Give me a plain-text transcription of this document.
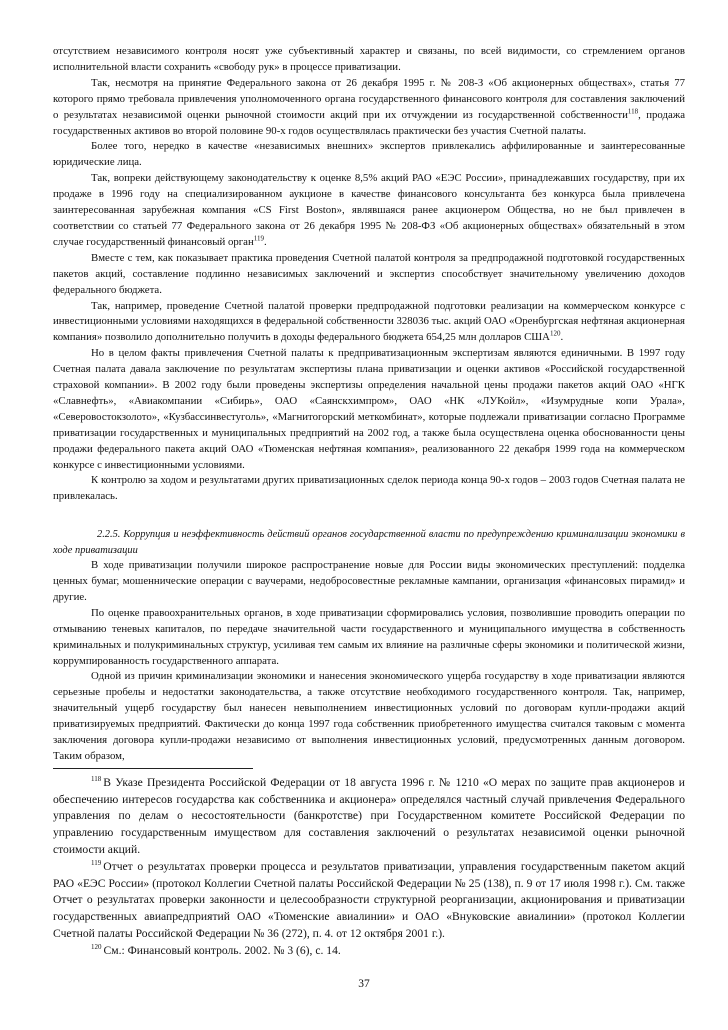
отсутствием независимого контроля носят уже субъективный характер и связаны, по всей видимости, со стремлением органов исполнительной власти сохранить «свободу рук» в процессе приватизации.

Так, несмотря на принятие Федерального закона от 26 декабря 1995 г. № 208-З «Об акционерных обществах», статья 77 которого прямо требовала привлечения уполномоченного органа государственного финансового контроля для составления заключений о результатах независимой оценки рыночной стоимости акций при их отчуждении из государственной собственности$^{118}$, продажа государственных активов во второй половине 90-х годов осуществлялась практически без участия Счетной палаты.

Более того, нередко в качестве «независимых внешних» экспертов привлекались аффилированные и заинтересованные юридические лица.

Так, вопреки действующему законодательству к оценке 8,5% акций РАО «ЕЭС России», принадлежавших государству, при их продаже в 1996 году на специализированном аукционе в качестве финансового консультанта без конкурса была привлечена заинтересованная зарубежная компания «CS First Boston», являвшаяся ранее акционером Общества, но не был привлечен в соответствии со статьей 77 Федерального закона от 26 декабря 1995 № 208-ФЗ «Об акционерных обществах» обязательный в этом случае государственный финансовый орган$^{119}$.

Вместе с тем, как показывает практика проведения Счетной палатой контроля за предпродажной подготовкой государственных пакетов акций, составление подлинно независимых заключений и экспертиз способствует значительному увеличению доходов федерального бюджета.

Так, например, проведение Счетной палатой проверки предпродажной подготовки реализации на коммерческом конкурсе с инвестиционными условиями находящихся в федеральной собственности 328036 тыс. акций ОАО «Оренбургская нефтяная акционерная компания» позволило дополнительно получить в доходы федерального бюджета 654,25 млн долларов США$^{120}$.

Но в целом факты привлечения Счетной палаты к предприватизационным экспертизам являются единичными. В 1997 году Счетная палата давала заключение по результатам экспертизы плана приватизации и оценки активов «Российской государственной страховой компании». В 2002 году были проведены экспертизы определения начальной цены продажи пакетов акций ОАО «НГК «Славнефть», «Авиакомпании «Сибирь», ОАО «Саянскхимпром», ОАО «НК «ЛУКойл», «Изумрудные копи Урала», «Северовостокзолото», «Кузбассинвестуголь», «Магнитогорский меткомбинат», которые подлежали приватизации согласно Программе приватизации государственных и муниципальных предприятий на 2002 год, а также была осуществлена оценка обоснованности цены продажи федерального пакета акций ОАО «Тюменская нефтяная компания», реализованного 22 декабря 1999 года на коммерческом конкурсе с инвестиционными условиями.

К контролю за ходом и результатами других приватизационных сделок периода конца 90-х годов – 2003 годов Счетная палата не привлекалась.

2.2.5. Коррупция и неэффективность действий органов государственной власти по предупреждению криминализации экономики в ходе приватизации

В ходе приватизации получили широкое распространение новые для России виды экономических преступлений: подделка ценных бумаг, мошеннические операции с ваучерами, недобросовестные рекламные кампании, организация «финансовых пирамид» и другие.

По оценке правоохранительных органов, в ходе приватизации сформировались условия, позволившие проводить операции по отмыванию теневых капиталов, по передаче значительной части государственного и муниципального имущества в собственность криминальных и полукриминальных структур, усиливая тем самым их влияние на различные сферы экономики и политической жизни, коррумпированность государственного аппарата.

Одной из причин криминализации экономики и нанесения экономического ущерба государству в ходе приватизации являются серьезные пробелы и недостатки законодательства, а также отсутствие необходимого государственного контроля. Так, например, значительный ущерб государству был нанесен невыполнением инвестиционных условий по договорам купли-продажи акций приватизируемых предприятий. Фактически до конца 1997 года собственник приобретенного имущества считался таковым с момента заключения договора купли-продажи независимо от выполнения инвестиционных условий, предусмотренных данным договором. Таким образом,

$^{118}$ В Указе Президента Российской Федерации от 18 августа 1996 г. № 1210 «О мерах по защите прав акционеров и обеспечению интересов государства как собственника и акционера» определялся частный случай привлечения Федерального управления по делам о несостоятельности (банкротстве) при Государственном комитете Российской Федерации по управлению государственным имуществом для составления заключений о результатах независимой оценки рыночной стоимости акций.

$^{119}$ Отчет о результатах проверки процесса и результатов приватизации, управления государственным пакетом акций РАО «ЕЭС России» (протокол Коллегии Счетной палаты Российской Федерации № 25 (138), п. 9 от 17 июля 1998 г.). См. также Отчет о результатах проверки законности и целесообразности структурной реорганизации, акционирования и приватизации государственных авиапредприятий ОАО «Тюменские авиалинии» и ОАО «Внуковские авиалинии» (протокол Коллегии Счетной палаты Российской Федерации № 36 (272), п. 4. от 12 октября 2001 г.).

$^{120}$ См.: Финансовый контроль. 2002. № 3 (6), с. 14.

37
